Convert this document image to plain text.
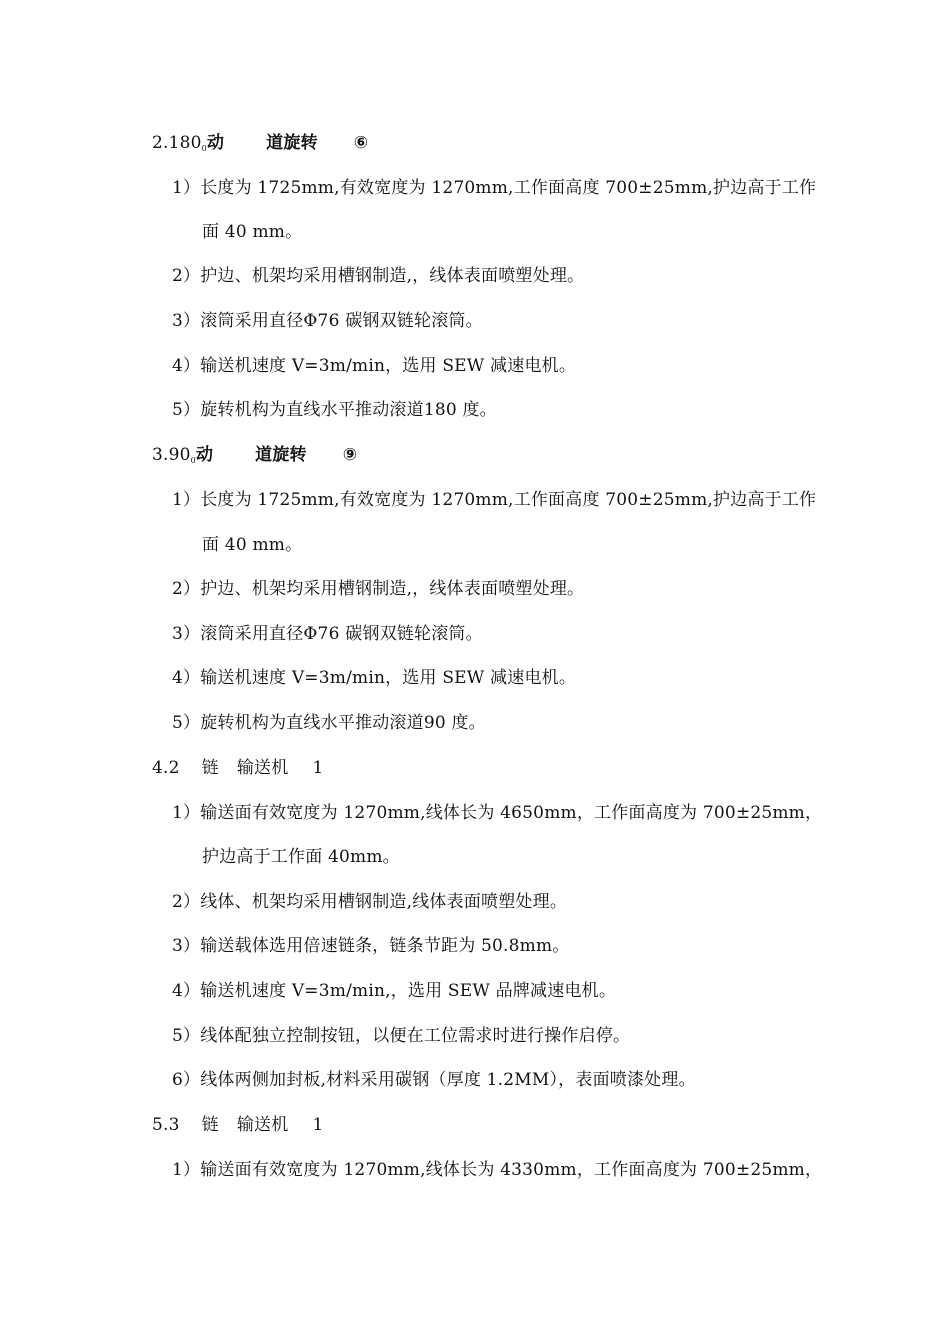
$2.180_0$动 道旋转 ⑥
1）长度为 1725mm,有效宽度为 1270mm,工作面高度 700±25mm,护边高于工作
面 40 mm。
2）护边、机架均采用槽钢制造,，线体表面喷塑处理。
3）滚筒采用直径Φ76 碳钢双链轮滚筒。
4）输送机速度 V=3m/min，选用 SEW 减速电机。
5）旋转机构为直线水平推动滚道180 度。
$3.90_0$动 道旋转 ⑨
1）长度为 1725mm,有效宽度为 1270mm,工作面高度 700±25mm,护边高于工作
面 40 mm。
2）护边、机架均采用槽钢制造,，线体表面喷塑处理。
3）滚筒采用直径Φ76 碳钢双链轮滚筒。
4）输送机速度 V=3m/min，选用 SEW 减速电机。
5）旋转机构为直线水平推动滚道90 度。
4.2 链 输送机 1
1）输送面有效宽度为 1270mm,线体长为 4650mm，工作面高度为 700±25mm，
护边高于工作面 40mm。
2）线体、机架均采用槽钢制造,线体表面喷塑处理。
3）输送载体选用倍速链条，链条节距为 50.8mm。
4）输送机速度 V=3m/min,，选用 SEW 品牌减速电机。
5）线体配独立控制按钮，以便在工位需求时进行操作启停。
6）线体两侧加封板,材料采用碳钢（厚度 1.2MM），表面喷漆处理。
5.3 链 输送机 1
1）输送面有效宽度为 1270mm,线体长为 4330mm，工作面高度为 700±25mm，
